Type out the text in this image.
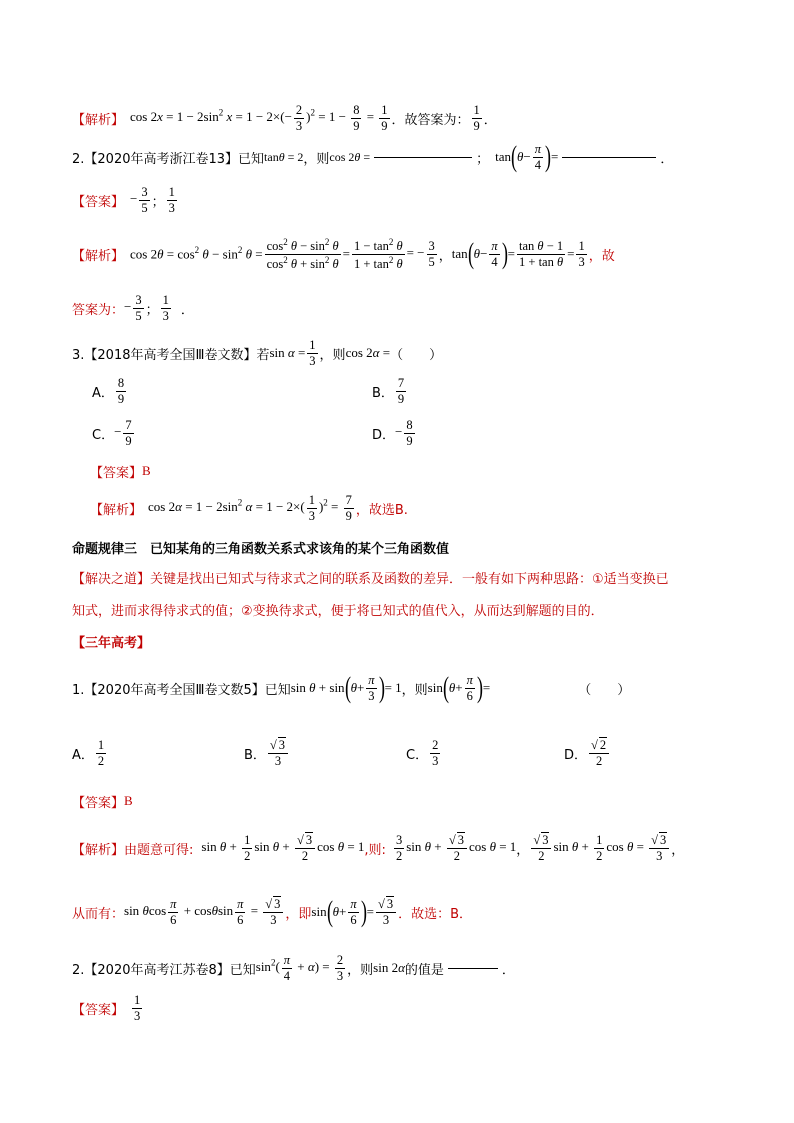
【解析】 $\cos 2x = 1 - 2\sin^2$ $x = 1 - 2\times(- \frac{2}{3} )^2 = 1 - \frac{8}{9} = \frac{1}{9}$ ．故答案为： $\frac{1}{9}$ ．
2.【2020年高考浙江卷13】已知 tanθ = 2 ，则 cos 2θ =	； tan ( $\theta - \frac{\pi}{4}$ ) =	．
【答案】 − $\frac{3}{5}$ ； $\frac{1}{3}$
【解析】 $\cos 2\theta = \cos^2 \theta - \sin^2 \theta = \frac{\cos^2 \theta - \sin^2 \theta}{\cos^2 \theta + \sin^2 \theta} = \frac{1 - \tan^2 \theta}{1 + \tan^2 \theta}$ = − $\frac{3}{5}$ ， tan ( $\theta - \frac{\pi}{4}$ ) = $\frac{\text{tan θ − 1}}{\text{1 + tan θ}} = \frac{1}{3}$ ，故
答案为： − $\frac{3}{5}$ ； $\frac{1}{3}$ ．
3.【2018年高考全国Ⅲ卷文数】若 $\sin \alpha = \frac{1}{3}$ ，则 cos 2α = （　　）
A． $\frac{8}{9}$	B． $\frac{7}{9}$
C． − $\frac{7}{9}$	D． − $\frac{8}{9}$
【答案】 B
【解析】 $\cos 2\alpha = 1 - 2\sin^2$ $\alpha = 1 - 2\times( \frac{1}{3} )^2 = \frac{7}{9}$ ，故选B.
命题规律三　已知某角的三角函数关系式求该角的某个三角函数值
【解决之道】 关键是找出已知式与待求式之间的联系及函数的差异．一般有如下两种思路：①适当变换已
知式，进而求得待求式的值；②变换待求式，便于将已知式的值代入，从而达到解题的目的．
【三年高考】
1.【2020年高考全国Ⅲ卷文数5】已知 sin θ + sin ( $\theta + \frac{\pi}{3}$ ) = 1 ，则 sin ( $\theta + \frac{\pi}{6}$ ) =	（　　）
A． $\frac{1}{2}$	B． $\frac{√ 3}{3}$	C． $\frac{2}{3}$	D． $\frac{√ 2}{2}$
【答案】 B
【解析】 由题意可得: $\sin \theta + \frac{1}{2}$ $\sin \theta + \frac{√ 3}{2}$ cos θ = 1 ,则: $\frac{3}{2}$ $\sin \theta + \frac{√ 3}{2}$ cos θ = 1 ， $\frac{√ 3}{2}$ $\sin \theta + \frac{1}{2}$ $\cos \theta = \frac{√ 3}{3}$ ，
从而有： sin θcos $\frac{\pi}{6} + \cos\theta\sin \frac{\pi}{6} = \frac{√ 3}{3}$ ，即 sin ( $\theta + \frac{\pi}{6}$ ) = $\frac{√ 3}{3}$ ．故选：B．
2.【2020年高考江苏卷8】已知 $\sin^2( \frac{\pi}{4} + \alpha) = \frac{2}{3}$ ，则 sin 2α 的值是	．
【答案】 $\frac{1}{3}$
